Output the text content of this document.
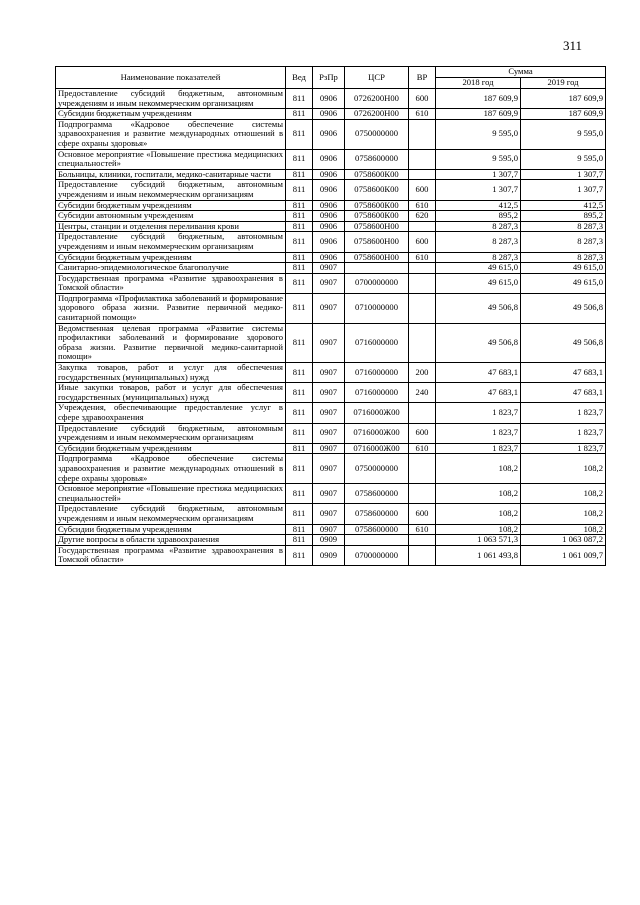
311
Наименование показателей	Вед	РзПр	ЦСР	ВР	Сумма	
					2018 год	2019 год
Предоставление субсидий бюджетным, автономным учреждениям и иным некоммерческим организациям	811	0906	0726200Н00	600	187 609,9	187 609,9
Субсидии бюджетным учреждениям	811	0906	0726200Н00	610	187 609,9	187 609,9
Подпрограмма «Кадровое обеспечение системы здравоохранения и развитие международных отношений в сфере охраны здоровья»	811	0906	0750000000		9 595,0	9 595,0
Основное мероприятие «Повышение престижа медицинских специальностей»	811	0906	0758600000		9 595,0	9 595,0
Больницы, клиники, госпитали, медико-санитарные части	811	0906	0758600К00		1 307,7	1 307,7
Предоставление субсидий бюджетным, автономным учреждениям и иным некоммерческим организациям	811	0906	0758600К00	600	1 307,7	1 307,7
Субсидии бюджетным учреждениям	811	0906	0758600К00	610	412,5	412,5
Субсидии автономным учреждениям	811	0906	0758600К00	620	895,2	895,2
Центры, станции и отделения переливания крови	811	0906	0758600Н00		8 287,3	8 287,3
Предоставление субсидий бюджетным, автономным учреждениям и иным некоммерческим организациям	811	0906	0758600Н00	600	8 287,3	8 287,3
Субсидии бюджетным учреждениям	811	0906	0758600Н00	610	8 287,3	8 287,3
Санитарно-эпидемиологическое благополучие	811	0907			49 615,0	49 615,0
Государственная программа «Развитие здравоохранения в Томской области»	811	0907	0700000000		49 615,0	49 615,0
Подпрограмма «Профилактика заболеваний и формирование здорового образа жизни. Развитие первичной медико-санитарной помощи»	811	0907	0710000000		49 506,8	49 506,8
Ведомственная целевая программа «Развитие системы профилактики заболеваний и формирование здорового образа жизни. Развитие первичной медико-санитарной помощи»	811	0907	0716000000		49 506,8	49 506,8
Закупка товаров, работ и услуг для обеспечения государственных (муниципальных) нужд	811	0907	0716000000	200	47 683,1	47 683,1
Иные закупки товаров, работ и услуг для обеспечения государственных (муниципальных) нужд	811	0907	0716000000	240	47 683,1	47 683,1
Учреждения, обеспечивающие предоставление услуг в сфере здравоохранения	811	0907	0716000Ж00		1 823,7	1 823,7
Предоставление субсидий бюджетным, автономным учреждениям и иным некоммерческим организациям	811	0907	0716000Ж00	600	1 823,7	1 823,7
Субсидии бюджетным учреждениям	811	0907	0716000Ж00	610	1 823,7	1 823,7
Подпрограмма «Кадровое обеспечение системы здравоохранения и развитие международных отношений в сфере охраны здоровья»	811	0907	0750000000		108,2	108,2
Основное мероприятие «Повышение престижа медицинских специальностей»	811	0907	0758600000		108,2	108,2
Предоставление субсидий бюджетным, автономным учреждениям и иным некоммерческим организациям	811	0907	0758600000	600	108,2	108,2
Субсидии бюджетным учреждениям	811	0907	0758600000	610	108,2	108,2
Другие вопросы в области здравоохранения	811	0909			1 063 571,3	1 063 087,2
Государственная программа «Развитие здравоохранения в Томской области»	811	0909	0700000000		1 061 493,8	1 061 009,7
